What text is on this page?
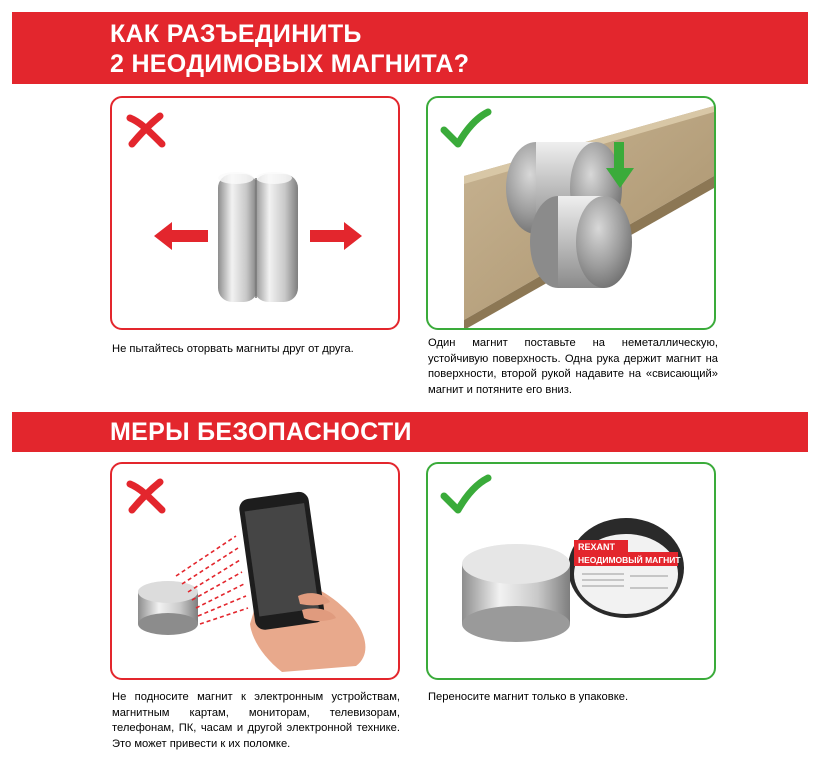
КАК РАЗЪЕДИНИТЬ
2 НЕОДИМОВЫХ МАГНИТА?
Не пытайтесь оторвать магниты друг от друга.	Один магнит поставьте на неметаллическую, устойчивую поверхность. Одна рука держит магнит на поверхности, второй рукой надавите на «свисающий» магнит и потяните его вниз.
МЕРЫ БЕЗОПАСНОСТИ
REXANT
НЕОДИМОВЫЙ МАГНИТ
Не подносите магнит к электронным устройствам, магнитным картам, мониторам, телевизорам, телефонам, ПК, часам и другой электронной технике. Это может привести к их поломке.
Переносите магнит только в упаковке.
